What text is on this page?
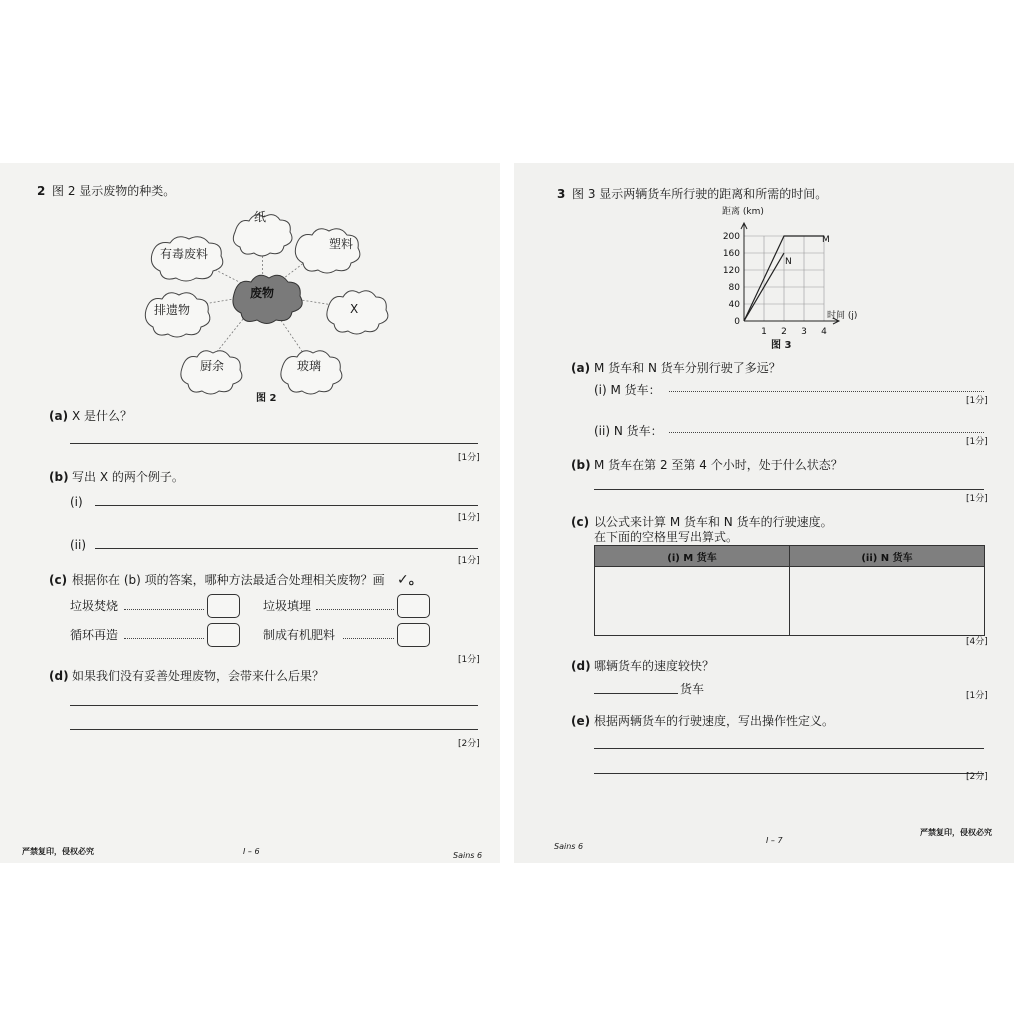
2 图 2 显示废物的种类。
纸
塑料
X
玻璃
厨余
排遗物
有毒废料
废物
图 2
(a) X 是什么？
[1分]
(b) 写出 X 的两个例子。
(i)
[1分]
(ii)
[1分]
(c) 根据你在 (b) 项的答案，哪种方法最适合处理相关废物？画 ✓。
垃圾焚烧	垃圾填埋
循环再造	制成有机肥料
[1分]
(d) 如果我们没有妥善处理废物，会带来什么后果？
[2分]
严禁复印，侵权必究	I – 6	Sains 6
3 图 3 显示两辆货车所行驶的距离和所需的时间。
距离 (km)
0
40
80
120
160
200
1 2 3 4
M
N
时间 (j)
图 3
(a) M 货车和 N 货车分别行驶了多远？
(i) M 货车：
[1分]
(ii) N 货车：
[1分]
(b) M 货车在第 2 至第 4 个小时，处于什么状态？
[1分]
(c) 以公式来计算 M 货车和 N 货车的行驶速度。
在下面的空格里写出算式。
(i) M 货车	(ii) N 货车

[4分]
(d) 哪辆货车的速度较快？
货车	[1分]
(e) 根据两辆货车的行驶速度，写出操作性定义。
[2分]
Sains 6
I – 7
严禁复印，侵权必究
